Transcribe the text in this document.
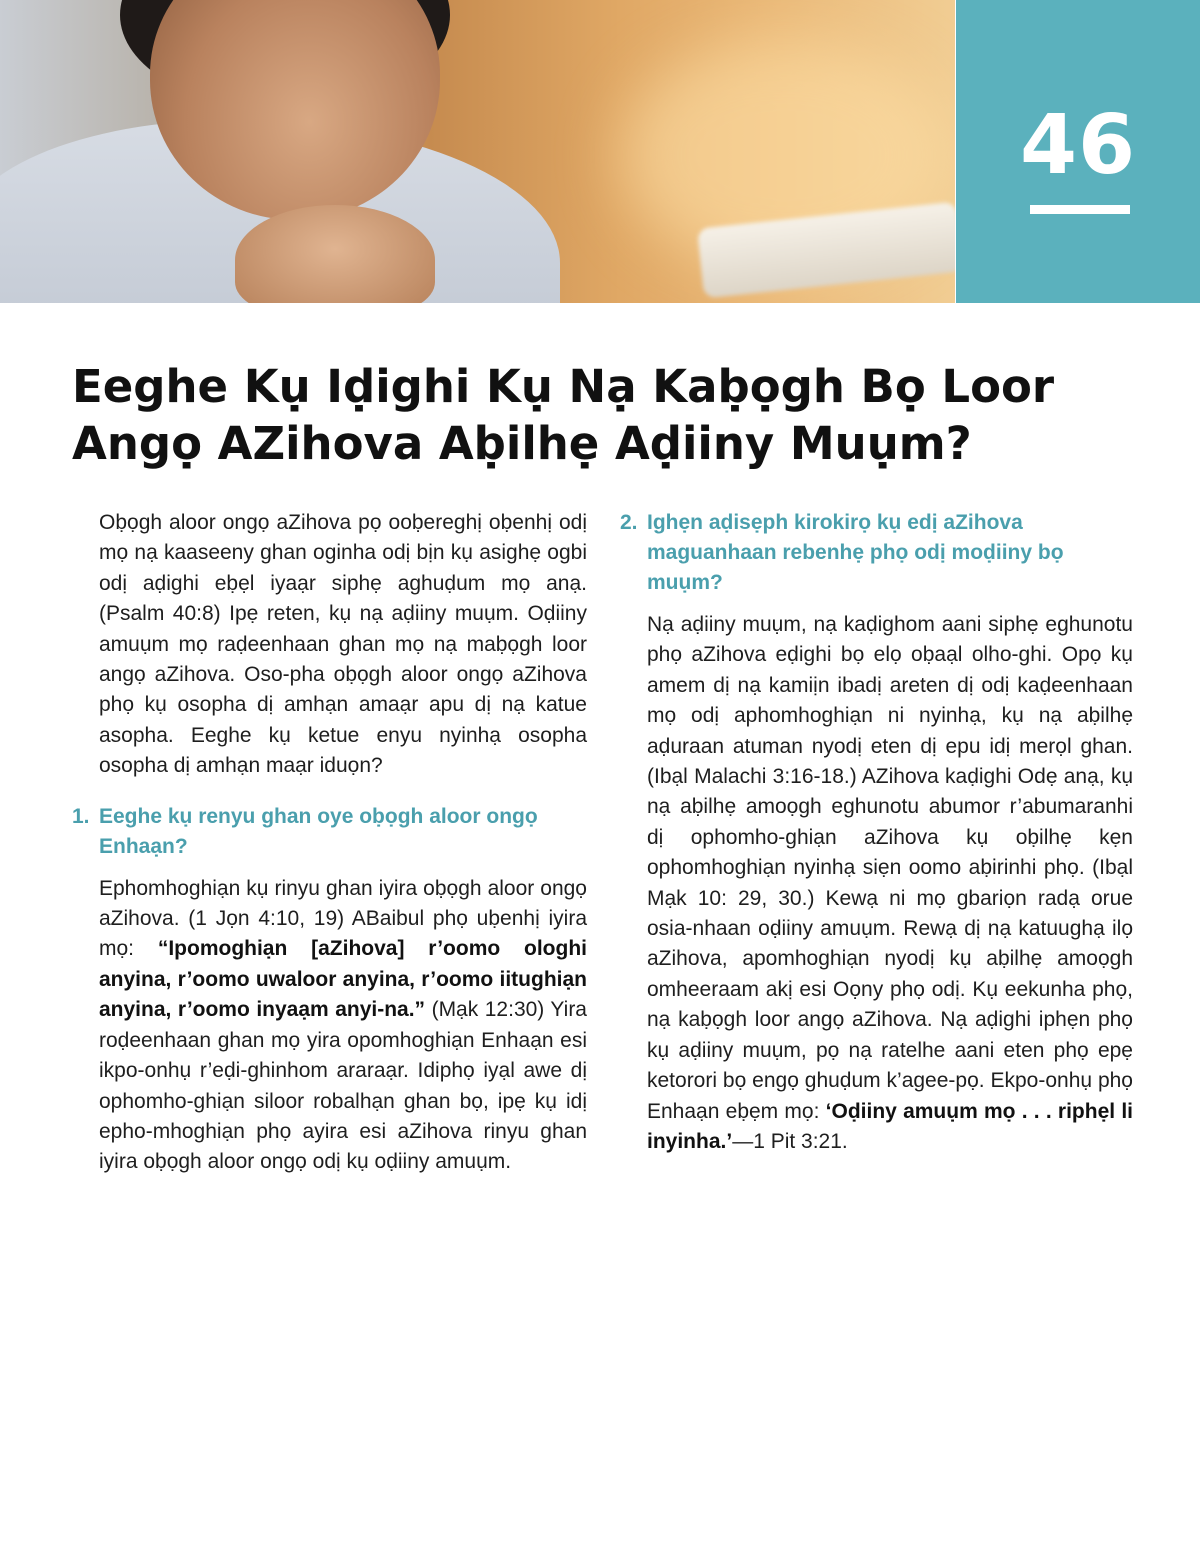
46
Eeghe Kụ Iḍighi Kụ Nạ Kaḅọgh Bọ Loor Angọ AZihova Aḅilhẹ Aḍiiny Muụm?

Oḅọgh aloor ongọ aZihova pọ ooḅereghị oḅenhị odị mọ nạ kaaseeny ghan oginha odị bịn kụ asighẹ ogbi odị aḍighi eḅẹl iyaạr siphẹ aghuḍum mọ anạ. (Psalm 40:8) Ipẹ reten, kụ nạ aḍiiny muụm. Oḍiiny amuụm mọ raḍeenhaan ghan mọ nạ maḅọgh loor angọ aZihova. Oso-pha oḅọgh aloor ongọ aZihova phọ kụ osopha dị amhạn amaạr apu dị nạ katue asopha. Eeghe kụ ketue enyu nyinhạ osopha osopha dị amhạn maạr iduọn?

1. Eeghe kụ renyu ghan oye oḅọgh aloor ongọ Enhaạn?

Ephomhoghiạn kụ rinyu ghan iyira oḅọgh aloor ongọ aZihova. (1 Jọn 4:10, 19) ABaibul phọ uḅenhị iyira mọ: “Ipomoghiạn [aZihova] r’oomo ologhi anyina, r’oomo uwaloor anyina, r’oomo iitughiạn anyina, r’oomo inyaạm anyi-na.” (Mạk 12:30) Yira roḍeenhaan ghan mọ yira opomhoghiạn Enhaạn esi ikpo-onhụ r’eḍi-ghinhom araraạr. Idiphọ iyạl awe dị ophomho-ghiạn siloor robalhạn ghan bọ, ipẹ kụ idị epho-mhoghiạn phọ ayira esi aZihova rinyu ghan iyira oḅọgh aloor ongọ odị kụ oḍiiny amuụm.

2. Ighẹn aḍisẹph kirokirọ kụ edị aZihova maguanhaan rebenhẹ phọ odị moḍiiny bọ muụm?

Nạ aḍiiny muụm, nạ kaḍighom aani siphẹ eghunotu phọ aZihova eḍighi bọ elọ oḅaạl olho-ghi. Opọ kụ amem dị nạ kamiịn ibadị areten dị odị kaḍeenhaan mọ odị aphomhoghiạn ni nyinhạ, kụ nạ aḅilhẹ aḍuraan atuman nyodị eten dị epu idị merọl ghan. (Ibạl Malachi 3:16-18.) AZihova kaḍighi Odẹ anạ, kụ nạ aḅilhẹ amoọgh eghunotu abumor r’abumaranhi dị ophomho-ghiạn aZihova kụ oḅilhẹ kẹn ophomhoghiạn nyinhạ siẹn oomo aḅirinhi phọ. (Ibạl Mạk 10: 29, 30.) Kewạ ni mọ gbariọn radạ orue osia-nhaan oḍiiny amuụm. Rewạ dị nạ katuughạ ilọ aZihova, apomhoghiạn nyodị kụ aḅilhẹ amoọgh omheeraam akị esi Oọny phọ odị. Kụ eekunha phọ, nạ kaḅọgh loor angọ aZihova. Nạ aḍighi iphẹn phọ kụ aḍiiny muụm, pọ nạ ratelhe aani eten phọ epẹ ketorori bọ engọ ghuḍum k’agee-pọ. Ekpo-onhụ phọ Enhaạn eḅẹm mọ: ‘Oḍiiny amuụm mọ . . . riphẹl li inyinha.’—1 Pit 3:21.
